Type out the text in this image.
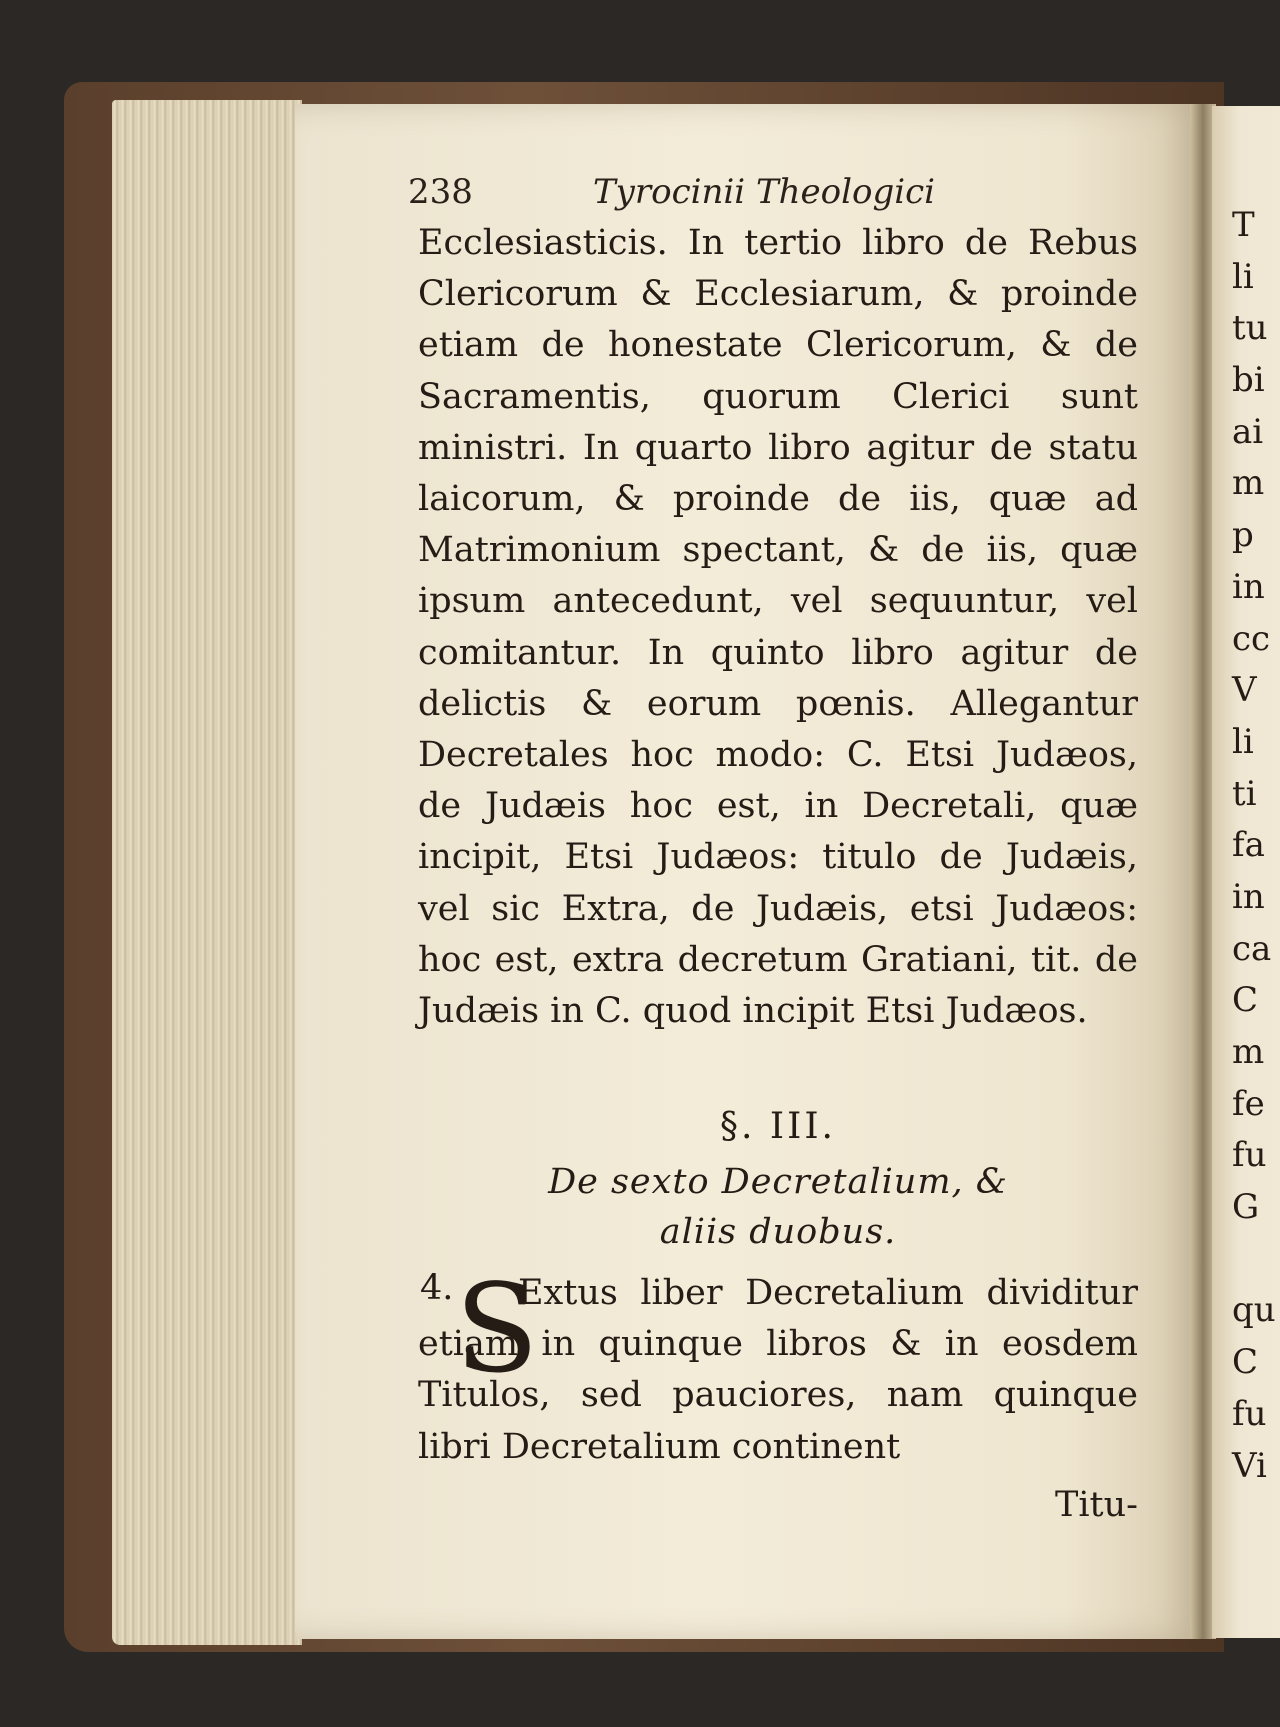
238	Tyrocinii Theologici

Ecclesiasticis. In tertio libro de Rebus Clericorum & Ecclesiarum, & proinde etiam de honestate Clericorum, & de Sacramentis, quorum Clerici sunt ministri. In quarto libro agitur de statu laicorum, & proinde de iis, quæ ad Matrimonium spectant, & de iis, quæ ipsum antecedunt, vel sequuntur, vel comitantur. In quinto libro agitur de delictis & eorum pœnis. Allegantur Decretales hoc modo: C. Etsi Judæos, de Judæis hoc est, in Decretali, quæ incipit, Etsi Judæos: titulo de Judæis, vel sic Extra, de Judæis, etsi Judæos: hoc est, extra decretum Gratiani, tit. de Judæis in C. quod incipit Etsi Judæos.

§. III.
De sexto Decretalium, &
aliis duobus.
4. S

Extus liber Decretalium dividitur etiam in quinque libros & in eosdem Titulos, sed pauciores, nam quinque libri Decretalium continent

Titu-
T
li
tu
bi
ai
m
p
in
cc
V
li
ti
fa
in
ca
C
m
fe
fu
G
qu
C
fu
Vi
